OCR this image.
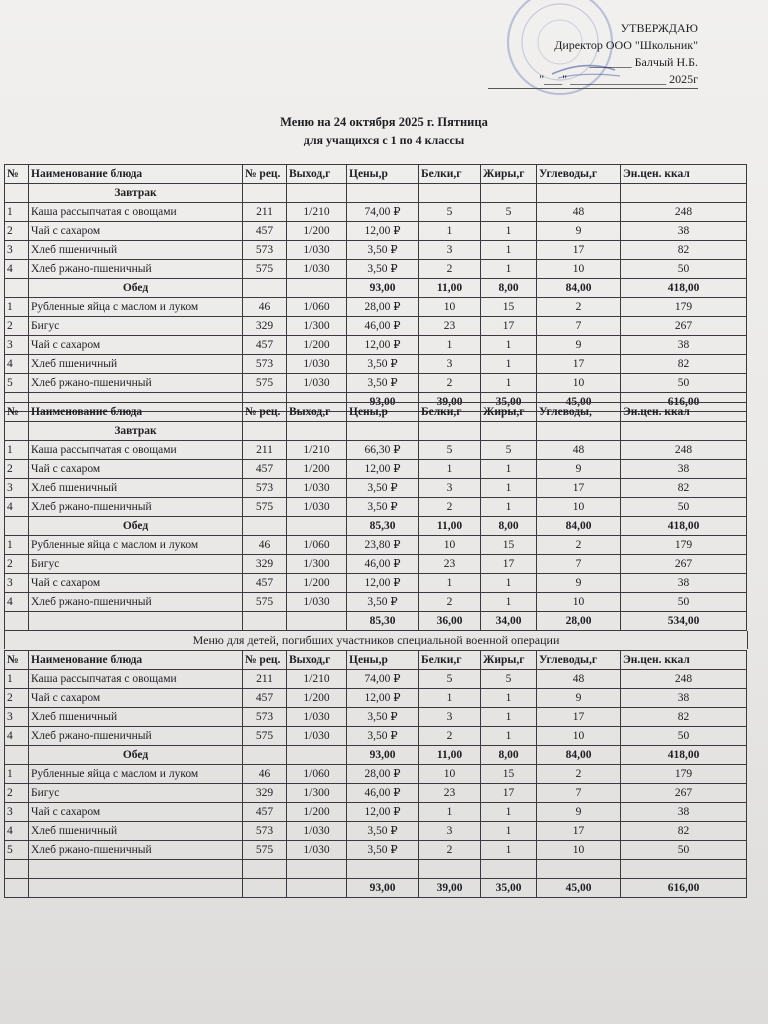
УТВЕРЖДАЮ
Директор ООО "Школьник"
_______ Балчый Н.Б.
"___" ________________ 2025г
Меню на 24 октября 2025 г. Пятница
для учащихся с 1 по 4 классы
№	Наименование блюда	№ рец.	Выход,г	Цены,р	Белки,г	Жиры,г	Углеводы,г	Эн.цен. ккал
	Завтрак							
1	Каша рассыпчатая с овощами	211	1/210	74,00 ₽	5	5	48	248
2	Чай с сахаром	457	1/200	12,00 ₽	1	1	9	38
3	Хлеб пшеничный	573	1/030	3,50 ₽	3	1	17	82
4	Хлеб ржано-пшеничный	575	1/030	3,50 ₽	2	1	10	50
	Обед			93,00	11,00	8,00	84,00	418,00
1	Рубленные яйца с маслом и луком	46	1/060	28,00 ₽	10	15	2	179
2	Бигус	329	1/300	46,00 ₽	23	17	7	267
3	Чай с сахаром	457	1/200	12,00 ₽	1	1	9	38
4	Хлеб пшеничный	573	1/030	3,50 ₽	3	1	17	82
5	Хлеб ржано-пшеничный	575	1/030	3,50 ₽	2	1	10	50
				93,00	39,00	35,00	45,00	616,00
№	Наименование блюда	№ рец.	Выход,г	Цены,р	Белки,г	Жиры,г	Углеводы,	Эн.цен. ккал
	Завтрак							
1	Каша рассыпчатая с овощами	211	1/210	66,30 ₽	5	5	48	248
2	Чай с сахаром	457	1/200	12,00 ₽	1	1	9	38
3	Хлеб пшеничный	573	1/030	3,50 ₽	3	1	17	82
4	Хлеб ржано-пшеничный	575	1/030	3,50 ₽	2	1	10	50
	Обед			85,30	11,00	8,00	84,00	418,00
1	Рубленные яйца с маслом и луком	46	1/060	23,80 ₽	10	15	2	179
2	Бигус	329	1/300	46,00 ₽	23	17	7	267
3	Чай с сахаром	457	1/200	12,00 ₽	1	1	9	38
4	Хлеб ржано-пшеничный	575	1/030	3,50 ₽	2	1	10	50
				85,30	36,00	34,00	28,00	534,00
Меню для детей, погибших участников специальной военной операции
№	Наименование блюда	№ рец.	Выход,г	Цены,р	Белки,г	Жиры,г	Углеводы,г	Эн.цен. ккал
1	Каша рассыпчатая с овощами	211	1/210	74,00 ₽	5	5	48	248
2	Чай с сахаром	457	1/200	12,00 ₽	1	1	9	38
3	Хлеб пшеничный	573	1/030	3,50 ₽	3	1	17	82
4	Хлеб ржано-пшеничный	575	1/030	3,50 ₽	2	1	10	50
	Обед			93,00	11,00	8,00	84,00	418,00
1	Рубленные яйца с маслом и луком	46	1/060	28,00 ₽	10	15	2	179
2	Бигус	329	1/300	46,00 ₽	23	17	7	267
3	Чай с сахаром	457	1/200	12,00 ₽	1	1	9	38
4	Хлеб пшеничный	573	1/030	3,50 ₽	3	1	17	82
5	Хлеб ржано-пшеничный	575	1/030	3,50 ₽	2	1	10	50

				93,00	39,00	35,00	45,00	616,00
